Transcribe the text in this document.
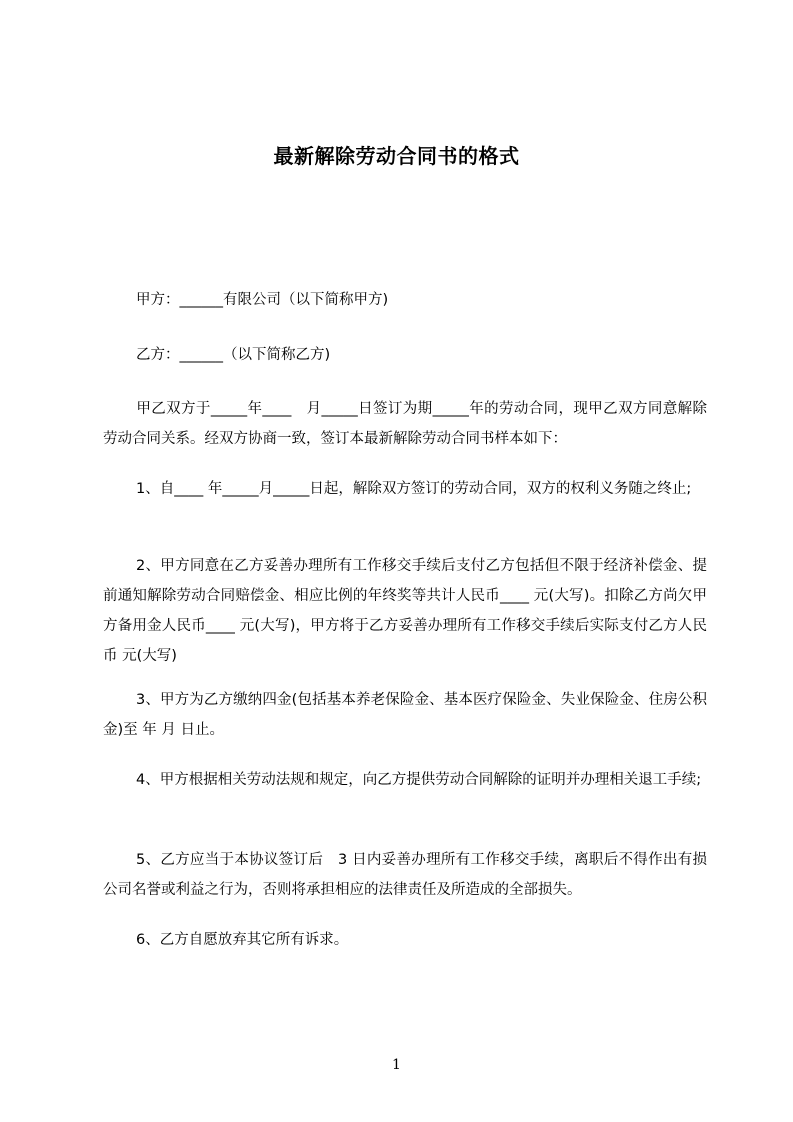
最新解除劳动合同书的格式
甲方：______有限公司（以下简称甲方)
乙方：______（以下简称乙方)
甲乙双方于_____年____　月_____日签订为期_____年的劳动合同，现甲乙双方同意解除劳动合同关系。经双方协商一致，签订本最新解除劳动合同书样本如下：
1、自____ 年_____月_____日起，解除双方签订的劳动合同，双方的权利义务随之终止;
2、甲方同意在乙方妥善办理所有工作移交手续后支付乙方包括但不限于经济补偿金、提前通知解除劳动合同赔偿金、相应比例的年终奖等共计人民币____ 元(大写)。扣除乙方尚欠甲方备用金人民币____ 元(大写)，甲方将于乙方妥善办理所有工作移交手续后实际支付乙方人民币 元(大写)
3、甲方为乙方缴纳四金(包括基本养老保险金、基本医疗保险金、失业保险金、住房公积金)至 年 月 日止。
4、甲方根据相关劳动法规和规定，向乙方提供劳动合同解除的证明并办理相关退工手续;
5、乙方应当于本协议签订后　3 日内妥善办理所有工作移交手续，离职后不得作出有损公司名誉或利益之行为，否则将承担相应的法律责任及所造成的全部损失。
6、乙方自愿放弃其它所有诉求。
1
